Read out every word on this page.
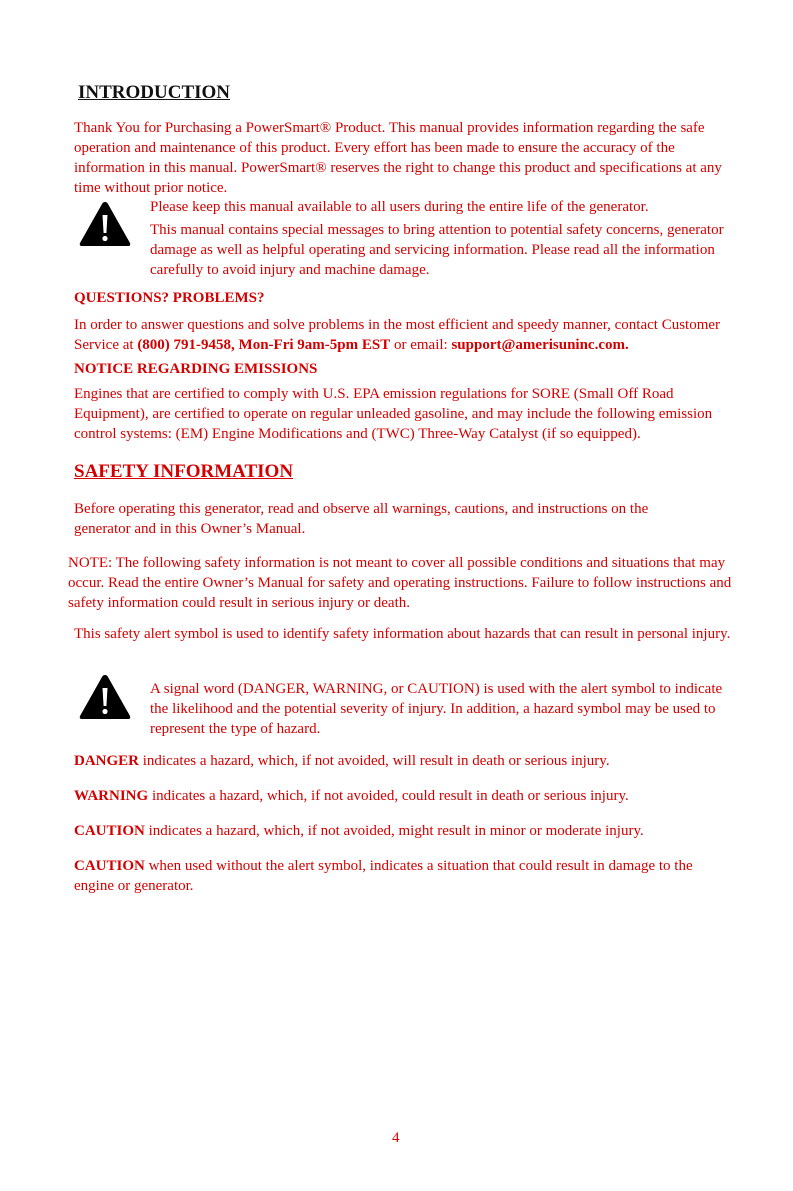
INTRODUCTION
Thank You for Purchasing a PowerSmart® Product. This manual provides information regarding the safe operation and maintenance of this product. Every effort has been made to ensure the accuracy of the information in this manual. PowerSmart® reserves the right to change this product and specifications at any time without prior notice.
Please keep this manual available to all users during the entire life of the generator.
This manual contains special messages to bring attention to potential safety concerns, generator damage as well as helpful operating and servicing information. Please read all the information carefully to avoid injury and machine damage.
QUESTIONS? PROBLEMS?
In order to answer questions and solve problems in the most efficient and speedy manner, contact Customer Service at (800) 791-9458, Mon-Fri 9am-5pm EST or email: support@amerisuninc.com.
NOTICE REGARDING EMISSIONS
Engines that are certified to comply with U.S. EPA emission regulations for SORE (Small Off Road Equipment), are certified to operate on regular unleaded gasoline, and may include the following emission control systems: (EM) Engine Modifications and (TWC) Three-Way Catalyst (if so equipped).
SAFETY INFORMATION
Before operating this generator, read and observe all warnings, cautions, and instructions on the generator and in this Owner’s Manual.
NOTE: The following safety information is not meant to cover all possible conditions and situations that may occur. Read the entire Owner’s Manual for safety and operating instructions. Failure to follow instructions and safety information could result in serious injury or death.
This safety alert symbol is used to identify safety information about hazards that can result in personal injury.
A signal word (DANGER, WARNING, or CAUTION) is used with the alert symbol to indicate the likelihood and the potential severity of injury. In addition, a hazard symbol may be used to represent the type of hazard.
DANGER indicates a hazard, which, if not avoided, will result in death or serious injury.
WARNING indicates a hazard, which, if not avoided, could result in death or serious injury.
CAUTION indicates a hazard, which, if not avoided, might result in minor or moderate injury.
CAUTION when used without the alert symbol, indicates a situation that could result in damage to the engine or generator.
4
